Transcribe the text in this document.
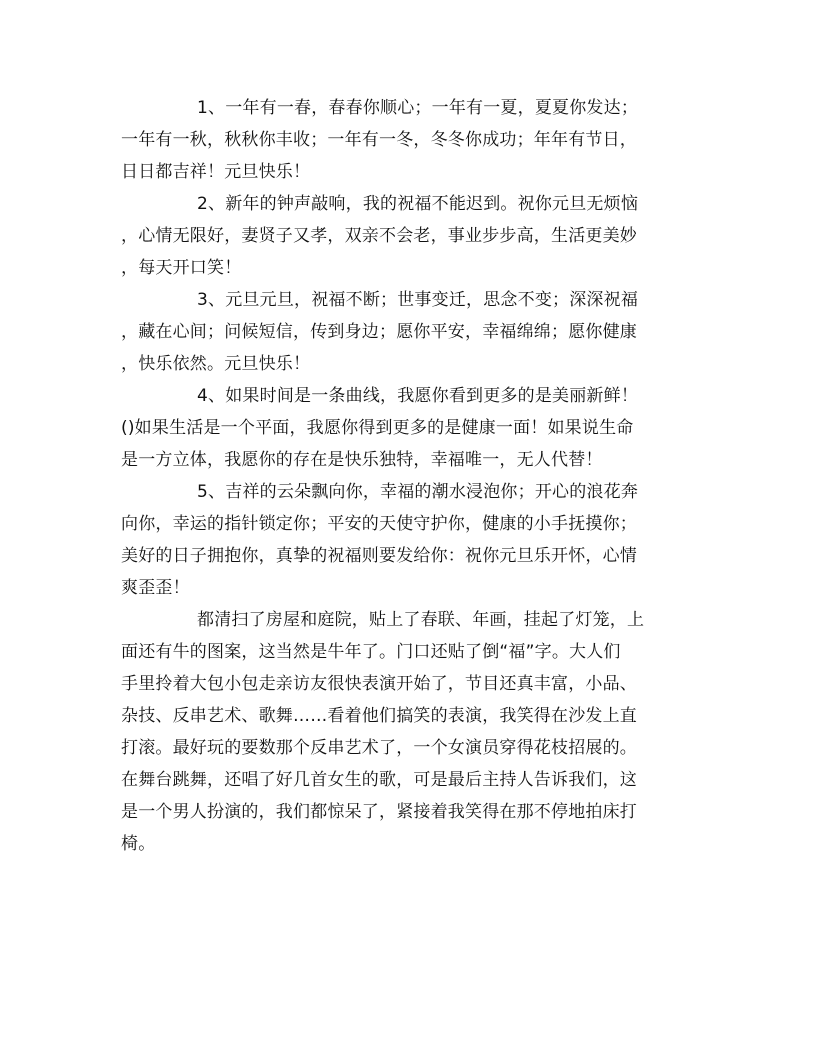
1、一年有一春，春春你顺心；一年有一夏，夏夏你发达；
一年有一秋，秋秋你丰收；一年有一冬，冬冬你成功；年年有节日，
日日都吉祥！元旦快乐！
2、新年的钟声敲响，我的祝福不能迟到。祝你元旦无烦恼
，心情无限好，妻贤子又孝，双亲不会老，事业步步高，生活更美妙
，每天开口笑！
3、元旦元旦，祝福不断；世事变迁，思念不变；深深祝福
，藏在心间；问候短信，传到身边；愿你平安，幸福绵绵；愿你健康
，快乐依然。元旦快乐！
4、如果时间是一条曲线，我愿你看到更多的是美丽新鲜！
()如果生活是一个平面，我愿你得到更多的是健康一面！如果说生命
是一方立体，我愿你的存在是快乐独特，幸福唯一，无人代替！
5、吉祥的云朵飘向你，幸福的潮水浸泡你；开心的浪花奔
向你，幸运的指针锁定你；平安的天使守护你，健康的小手抚摸你；
美好的日子拥抱你，真挚的祝福则要发给你：祝你元旦乐开怀，心情
爽歪歪！
都清扫了房屋和庭院，贴上了春联、年画，挂起了灯笼，上
面还有牛的图案，这当然是牛年了。门口还贴了倒“福”字。大人们
手里拎着大包小包走亲访友很快表演开始了，节目还真丰富，小品、
杂技、反串艺术、歌舞……看着他们搞笑的表演，我笑得在沙发上直
打滚。最好玩的要数那个反串艺术了，一个女演员穿得花枝招展的。
在舞台跳舞，还唱了好几首女生的歌，可是最后主持人告诉我们，这
是一个男人扮演的，我们都惊呆了，紧接着我笑得在那不停地拍床打
椅。
